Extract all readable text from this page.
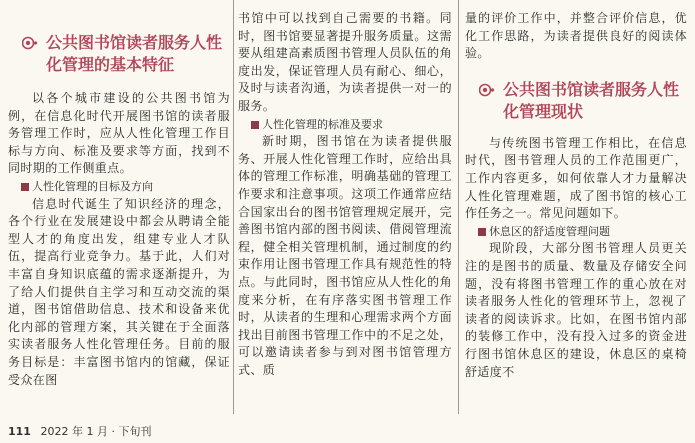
公共图书馆读者服务人性化管理的基本特征

以各个城市建设的公共图书馆为例，在信息化时代开展图书馆的读者服务管理工作时，应从人性化管理工作目标与方向、标准及要求等方面，找到不同时期的工作侧重点。

人性化管理的目标及方向

信息时代诞生了知识经济的理念，各个行业在发展建设中都会从聘请全能型人才的角度出发，组建专业人才队伍，提高行业竞争力。基于此，人们对丰富自身知识底蕴的需求逐渐提升，为了给人们提供自主学习和互动交流的渠道，图书馆借助信息、技术和设备来优化内部的管理方案，其关键在于全面落实读者服务人性化管理任务。目前的服务目标是：丰富图书馆内的馆藏，保证受众在图

书馆中可以找到自己需要的书籍。同时，图书馆要显著提升服务质量。这需要从组建高素质图书管理人员队伍的角度出发，保证管理人员有耐心、细心，及时与读者沟通，为读者提供一对一的服务。

人性化管理的标准及要求

新时期，图书馆在为读者提供服务、开展人性化管理工作时，应给出具体的管理工作标准，明确基础的管理工作要求和注意事项。这项工作通常应结合国家出台的图书馆管理规定展开，完善图书馆内部的图书阅读、借阅管理流程，健全相关管理机制，通过制度的约束作用让图书管理工作具有规范性的特点。与此同时，图书馆应从人性化的角度来分析，在有序落实图书管理工作时，从读者的生理和心理需求两个方面找出目前图书管理工作中的不足之处，可以邀请读者参与到对图书馆管理方式、质

量的评价工作中，并整合评价信息，优化工作思路，为读者提供良好的阅读体验。

公共图书馆读者服务人性化管理现状

与传统图书管理工作相比，在信息时代，图书管理人员的工作范围更广，工作内容更多，如何依靠人才力量解决人性化管理难题，成了图书馆的核心工作任务之一。常见问题如下。

休息区的舒适度管理问题

现阶段，大部分图书管理人员更关注的是图书的质量、数量及存储安全问题，没有将图书管理工作的重心放在对读者服务人性化的管理环节上，忽视了读者的阅读诉求。比如，在图书馆内部的装修工作中，没有投入过多的资金进行图书馆休息区的建设，休息区的桌椅舒适度不

111 2022 年 1 月 · 下旬刊
